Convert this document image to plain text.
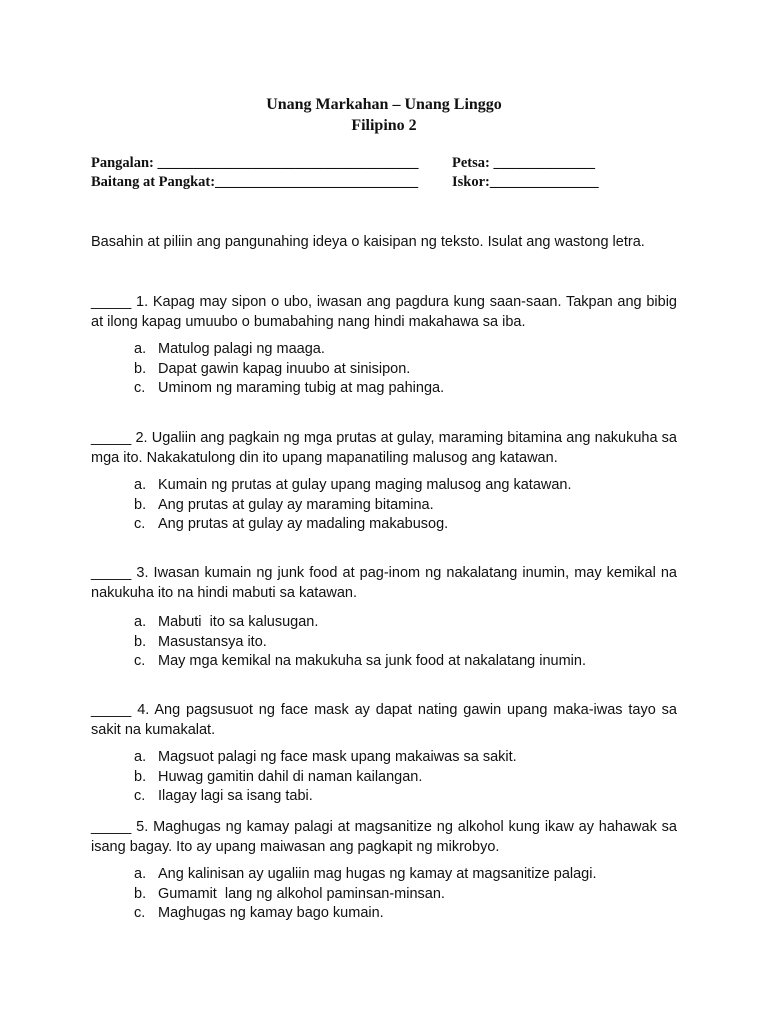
Unang Markahan – Unang Linggo
Filipino 2
Pangalan: ____________________________________ Petsa: ______________
Baitang at Pangkat:____________________________ Iskor:_______________
Basahin at piliin ang pangunahing ideya o kaisipan ng teksto. Isulat ang wastong letra.
_____ 1. Kapag may sipon o ubo, iwasan ang pagdura kung saan-saan. Takpan ang bibig at ilong kapag umuubo o bumabahing nang hindi makahawa sa iba.
a. Matulog palagi ng maaga.
b. Dapat gawin kapag inuubo at sinisipon.
c. Uminom ng maraming tubig at mag pahinga.
_____ 2. Ugaliin ang pagkain ng mga prutas at gulay, maraming bitamina ang nakukuha sa mga ito. Nakakatulong din ito upang mapanatiling malusog ang katawan.
a. Kumain ng prutas at gulay upang maging malusog ang katawan.
b. Ang prutas at gulay ay maraming bitamina.
c. Ang prutas at gulay ay madaling makabusog.
_____ 3. Iwasan kumain ng junk food at pag-inom ng nakalatang inumin, may kemikal na nakukuha ito na hindi mabuti sa katawan.
a. Mabuti  ito sa kalusugan.
b. Masustansya ito.
c. May mga kemikal na makukuha sa junk food at nakalatang inumin.
_____ 4. Ang pagsusuot ng face mask ay dapat nating gawin upang maka-iwas tayo sa sakit na kumakalat.
a. Magsuot palagi ng face mask upang makaiwas sa sakit.
b. Huwag gamitin dahil di naman kailangan.
c. Ilagay lagi sa isang tabi.
_____ 5. Maghugas ng kamay palagi at magsanitize ng alkohol kung ikaw ay hahawak sa isang bagay. Ito ay upang maiwasan ang pagkapit ng mikrobyo.
a. Ang kalinisan ay ugaliin mag hugas ng kamay at magsanitize palagi.
b. Gumamit  lang ng alkohol paminsan-minsan.
c. Maghugas ng kamay bago kumain.
